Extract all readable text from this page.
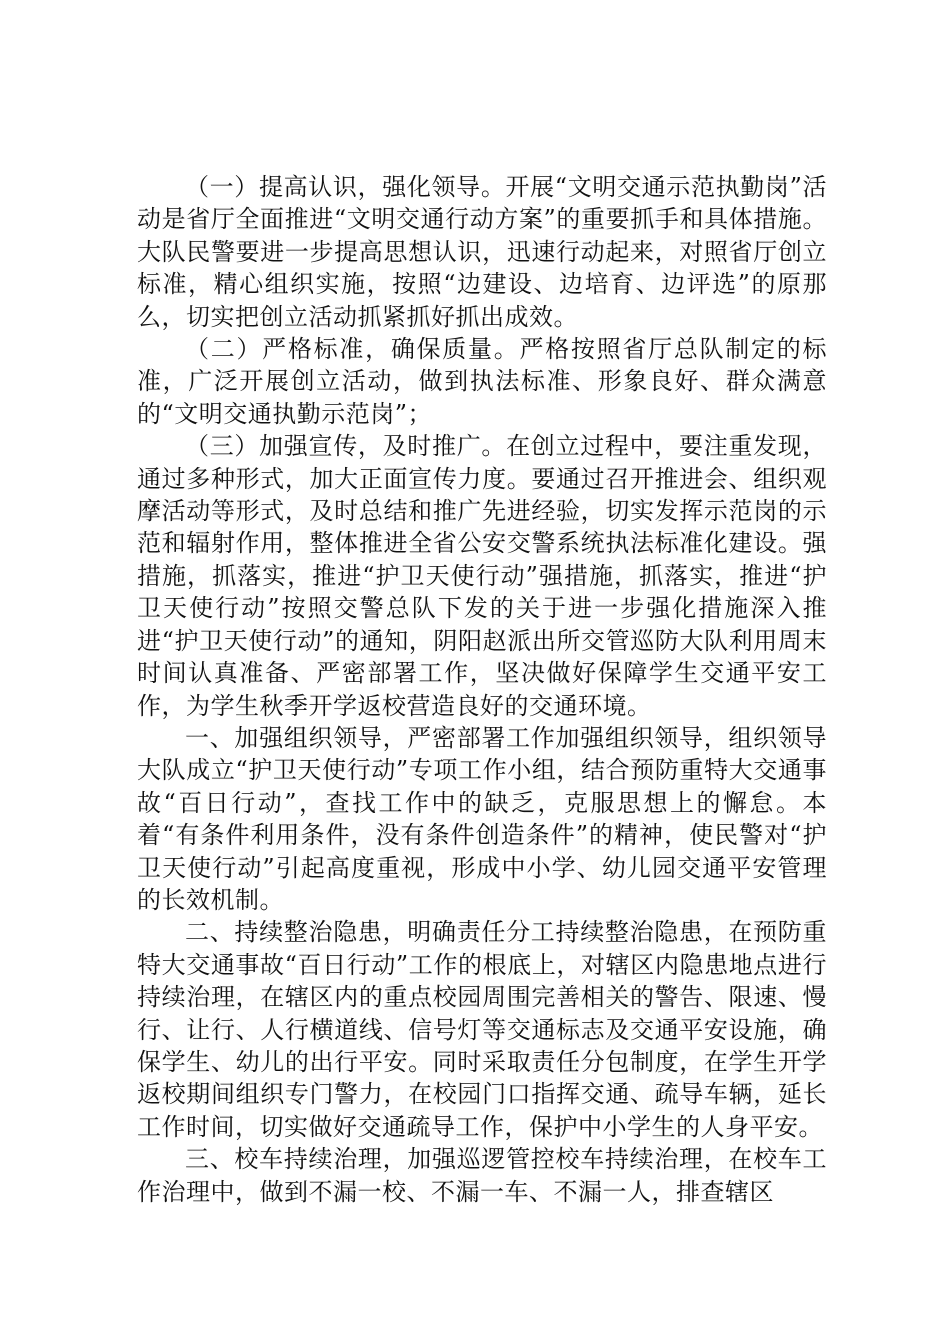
（一）提高认识，强化领导。开展“文明交通示范执勤岗”活动是省厅全面推进“文明交通行动方案”的重要抓手和具体措施。大队民警要进一步提高思想认识，迅速行动起来，对照省厅创立标准，精心组织实施，按照“边建设、边培育、边评选”的原那么，切实把创立活动抓紧抓好抓出成效。

（二）严格标准，确保质量。严格按照省厅总队制定的标准，广泛开展创立活动，做到执法标准、形象良好、群众满意的“文明交通执勤示范岗”；

（三）加强宣传，及时推广。在创立过程中，要注重发现，通过多种形式，加大正面宣传力度。要通过召开推进会、组织观摩活动等形式，及时总结和推广先进经验，切实发挥示范岗的示范和辐射作用，整体推进全省公安交警系统执法标准化建设。强措施，抓落实，推进“护卫天使行动”强措施，抓落实，推进“护卫天使行动”按照交警总队下发的关于进一步强化措施深入推进“护卫天使行动”的通知，阴阳赵派出所交管巡防大队利用周末时间认真准备、严密部署工作，坚决做好保障学生交通平安工作，为学生秋季开学返校营造良好的交通环境。

一、加强组织领导，严密部署工作加强组织领导，组织领导大队成立“护卫天使行动”专项工作小组，结合预防重特大交通事故“百日行动”，查找工作中的缺乏，克服思想上的懈怠。本着“有条件利用条件，没有条件创造条件”的精神，使民警对“护卫天使行动”引起高度重视，形成中小学、幼儿园交通平安管理的长效机制。

二、持续整治隐患，明确责任分工持续整治隐患，在预防重特大交通事故“百日行动”工作的根底上，对辖区内隐患地点进行持续治理，在辖区内的重点校园周围完善相关的警告、限速、慢行、让行、人行横道线、信号灯等交通标志及交通平安设施，确保学生、幼儿的出行平安。同时采取责任分包制度，在学生开学返校期间组织专门警力，在校园门口指挥交通、疏导车辆，延长工作时间，切实做好交通疏导工作，保护中小学生的人身平安。

三、校车持续治理，加强巡逻管控校车持续治理，在校车工作治理中，做到不漏一校、不漏一车、不漏一人，排查辖区
